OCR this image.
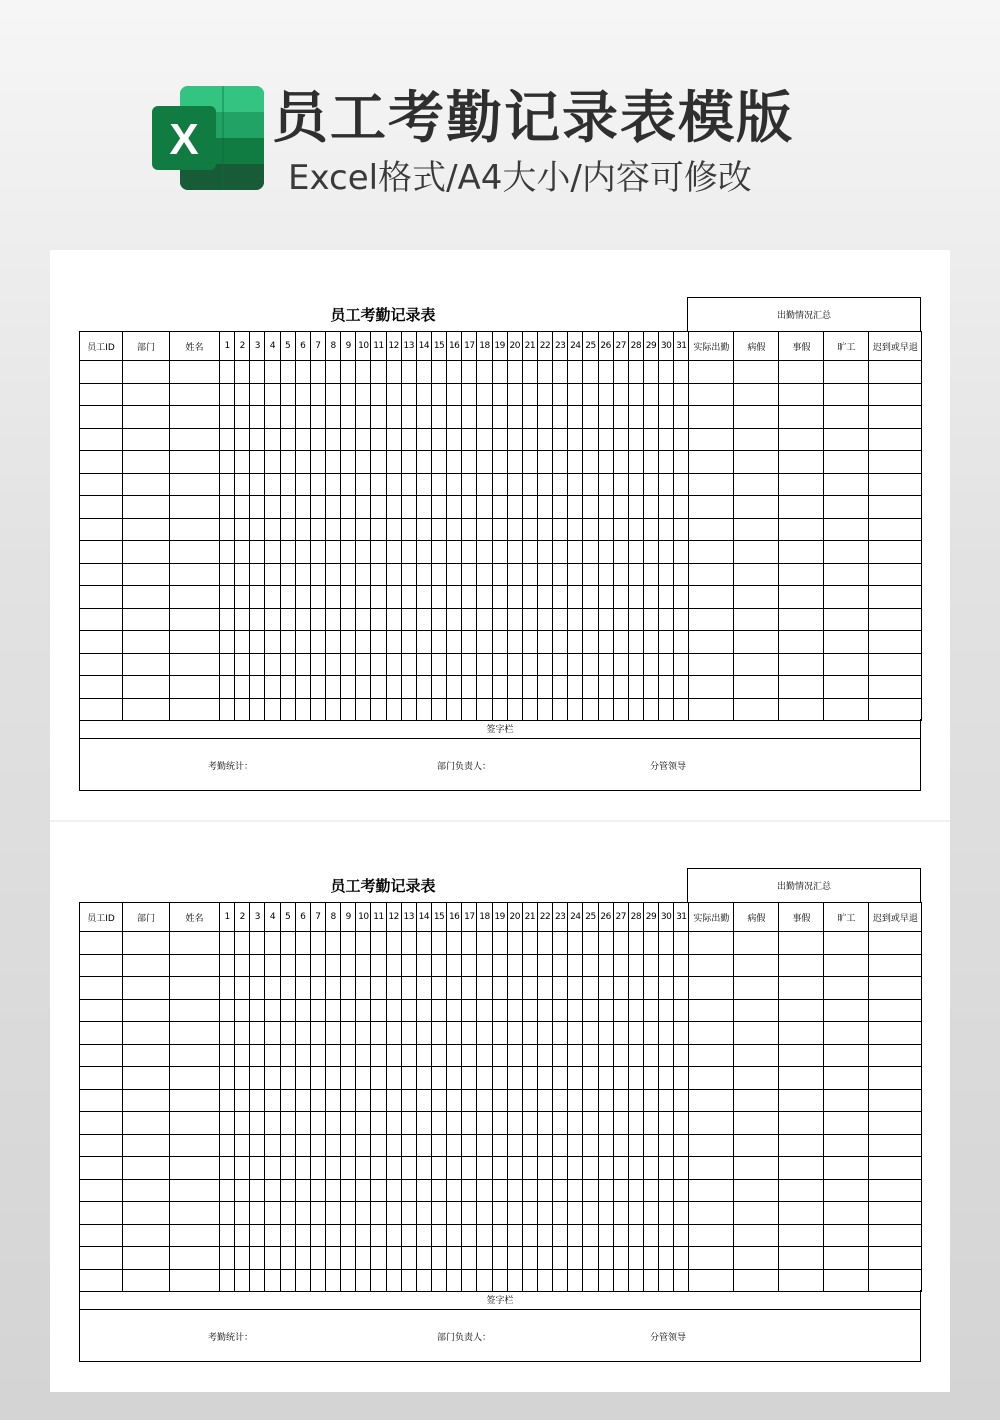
X 员工考勤记录表模版
Excel格式/A4大小/内容可修改
员工考勤记录表	出勤情况汇总
员工ID	部门	姓名	1	2	3	4	5	6	7	8	9	10	11	12	13	14	15	16	17	18	19	20	21	22	23	24	25	26	27	28	29	30	31	实际出勤	病假	事假	旷工	迟到或早退

签字栏
考勤统计：	部门负责人：	分管领导
员工考勤记录表	出勤情况汇总
员工ID	部门	姓名	1	2	3	4	5	6	7	8	9	10	11	12	13	14	15	16	17	18	19	20	21	22	23	24	25	26	27	28	29	30	31	实际出勤	病假	事假	旷工	迟到或早退

签字栏
考勤统计：	部门负责人：	分管领导
